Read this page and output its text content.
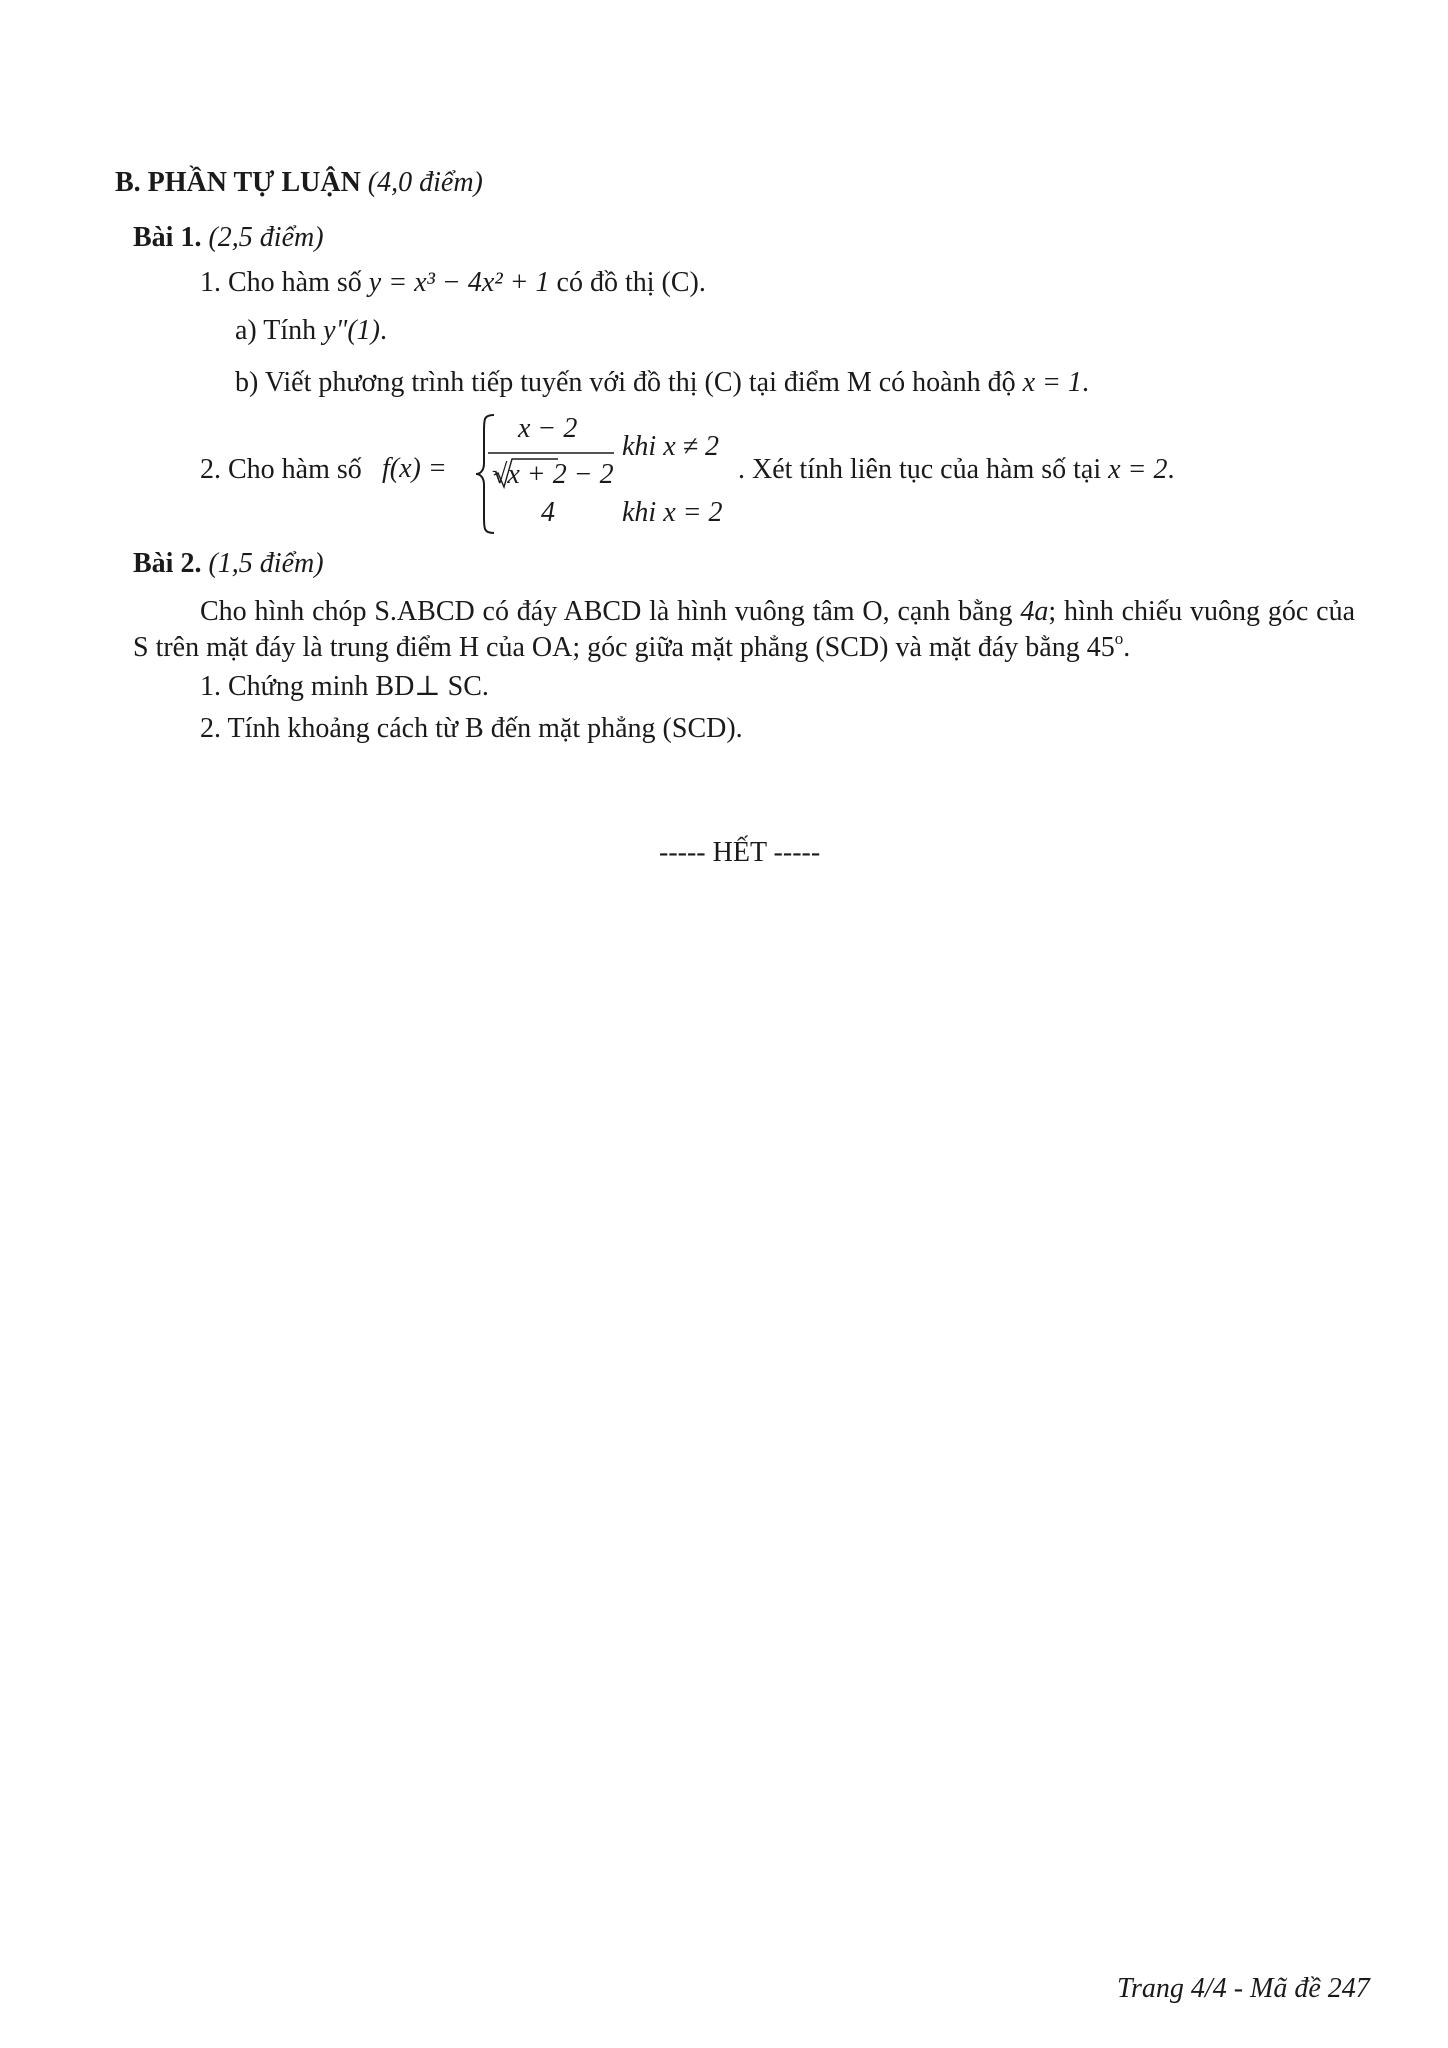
B. PHẦN TỰ LUẬN (4,0 điểm)
Bài 1. (2,5 điểm)
1. Cho hàm số y = x³ − 4x² + 1 có đồ thị (C).
a) Tính y"(1).
b) Viết phương trình tiếp tuyến với đồ thị (C) tại điểm M có hoành độ x = 1.
2. Cho hàm số f(x) =
x − 2
√x + 2 − 2
khi x ≠ 2
4 khi x = 2
. Xét tính liên tục của hàm số tại x = 2.
Bài 2. (1,5 điểm)
Cho hình chóp S.ABCD có đáy ABCD là hình vuông tâm O, cạnh bằng 4a; hình chiếu vuông góc của S trên mặt đáy là trung điểm H của OA; góc giữa mặt phẳng (SCD) và mặt đáy bằng 45$^o$.
1. Chứng minh BD⊥ SC.
2. Tính khoảng cách từ B đến mặt phẳng (SCD).
----- HẾT -----
Trang 4/4 - Mã đề 247
